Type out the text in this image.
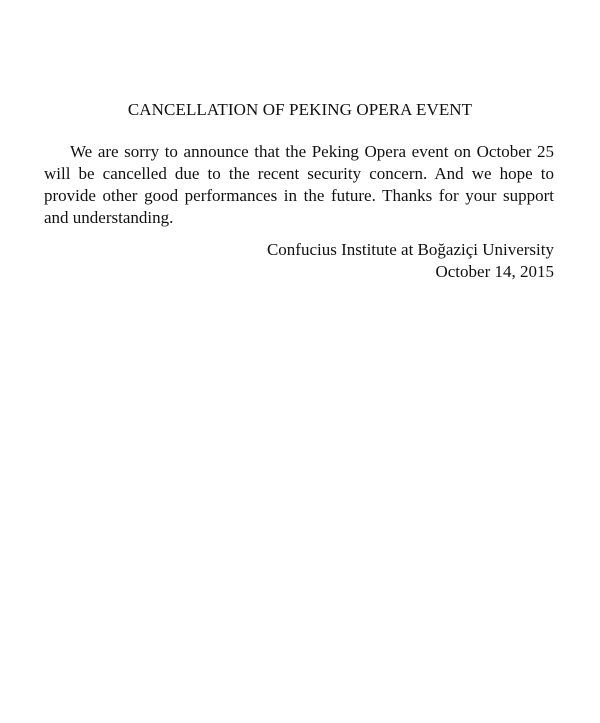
CANCELLATION OF PEKING OPERA EVENT

We are sorry to announce that the Peking Opera event on October 25 will be cancelled due to the recent security concern. And we hope to provide other good performances in the future. Thanks for your support and understanding.

Confucius Institute at Boğaziçi University
October 14, 2015
